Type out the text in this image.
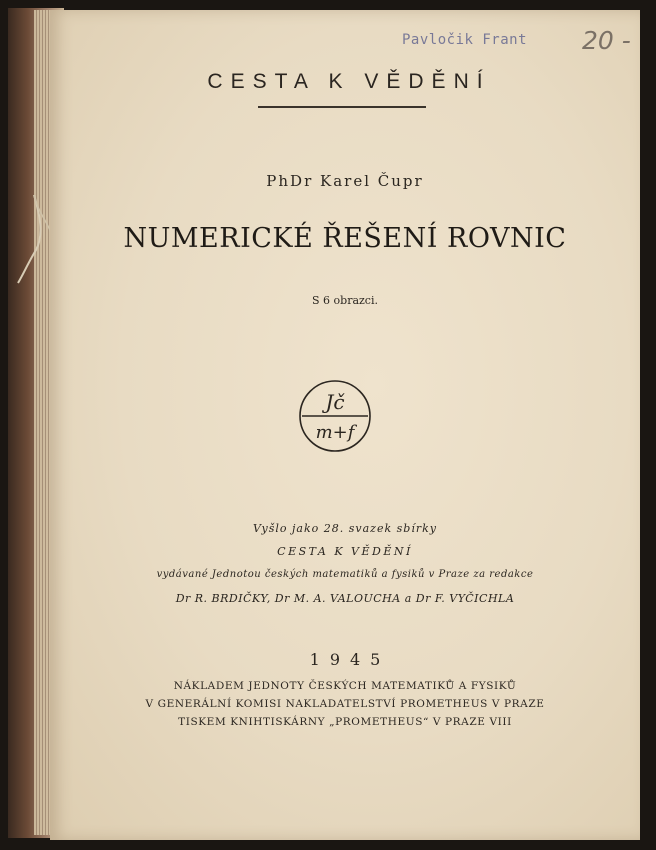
Pavločik Frant 20 -
CESTA K VĚDĚNÍ
PhDr Karel Čupr
NUMERICKÉ ŘEŠENÍ ROVNIC
S 6 obrazci.
Jč
m+f
Vyšlo jako 28. svazek sbírky
CESTA K VĚDĚNÍ
vydávané Jednotou českých matematiků a fysiků v Praze za redakce
Dr R. BRDIČKY, Dr M. A. VALOUCHA a Dr F. VYČICHLA
1945
NÁKLADEM JEDNOTY ČESKÝCH MATEMATIKŮ A FYSIKŮ
V GENERÁLNÍ KOMISI NAKLADATELSTVÍ PROMETHEUS V PRAZE
TISKEM KNIHTISKÁRNY „PROMETHEUS“ V PRAZE VIII
